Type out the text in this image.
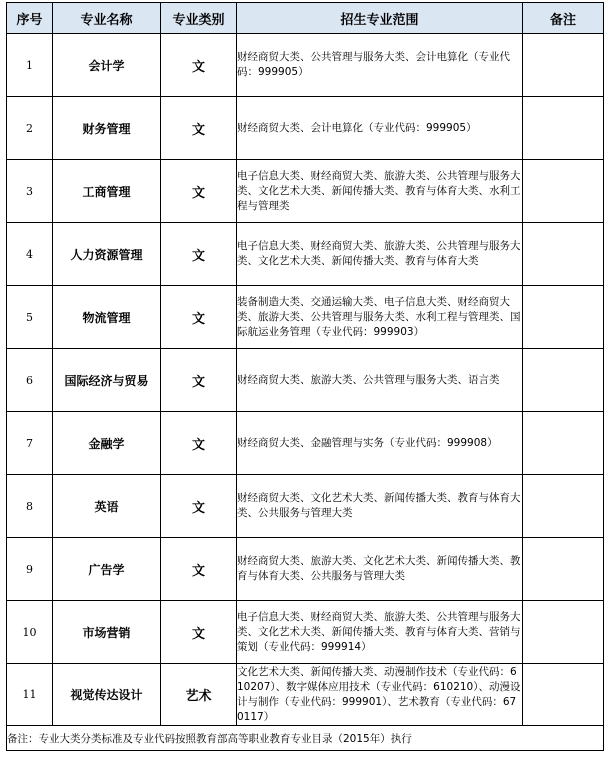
序号	专业名称	专业类别	招生专业范围	备注
1	会计学	文	财经商贸大类、公共管理与服务大类、会计电算化（专业代码：999905）	
2	财务管理	文	财经商贸大类、会计电算化（专业代码：999905）	
3	工商管理	文	电子信息大类、财经商贸大类、旅游大类、公共管理与服务大类、文化艺术大类、新闻传播大类、教育与体育大类、水利工程与管理类	
4	人力资源管理	文	电子信息大类、财经商贸大类、旅游大类、公共管理与服务大类、文化艺术大类、新闻传播大类、教育与体育大类	
5	物流管理	文	装备制造大类、交通运输大类、电子信息大类、财经商贸大类、旅游大类、公共管理与服务大类、水利工程与管理类、国际航运业务管理（专业代码：999903）	
6	国际经济与贸易	文	财经商贸大类、旅游大类、公共管理与服务大类、语言类	
7	金融学	文	财经商贸大类、金融管理与实务（专业代码：999908）	
8	英语	文	财经商贸大类、文化艺术大类、新闻传播大类、教育与体育大类、公共服务与管理大类	
9	广告学	文	财经商贸大类、旅游大类、文化艺术大类、新闻传播大类、教育与体育大类、公共服务与管理大类	
10	市场营销	文	电子信息大类、财经商贸大类、旅游大类、公共管理与服务大类、文化艺术大类、新闻传播大类、教育与体育大类、营销与策划（专业代码：999914）	
11	视觉传达设计	艺术	文化艺术大类、新闻传播大类、动漫制作技术（专业代码：610207）、数字媒体应用技术（专业代码：610210）、动漫设计与制作（专业代码：999901）、艺术教育（专业代码：670117）	
备注：专业大类分类标准及专业代码按照教育部高等职业教育专业目录（2015年）执行				
